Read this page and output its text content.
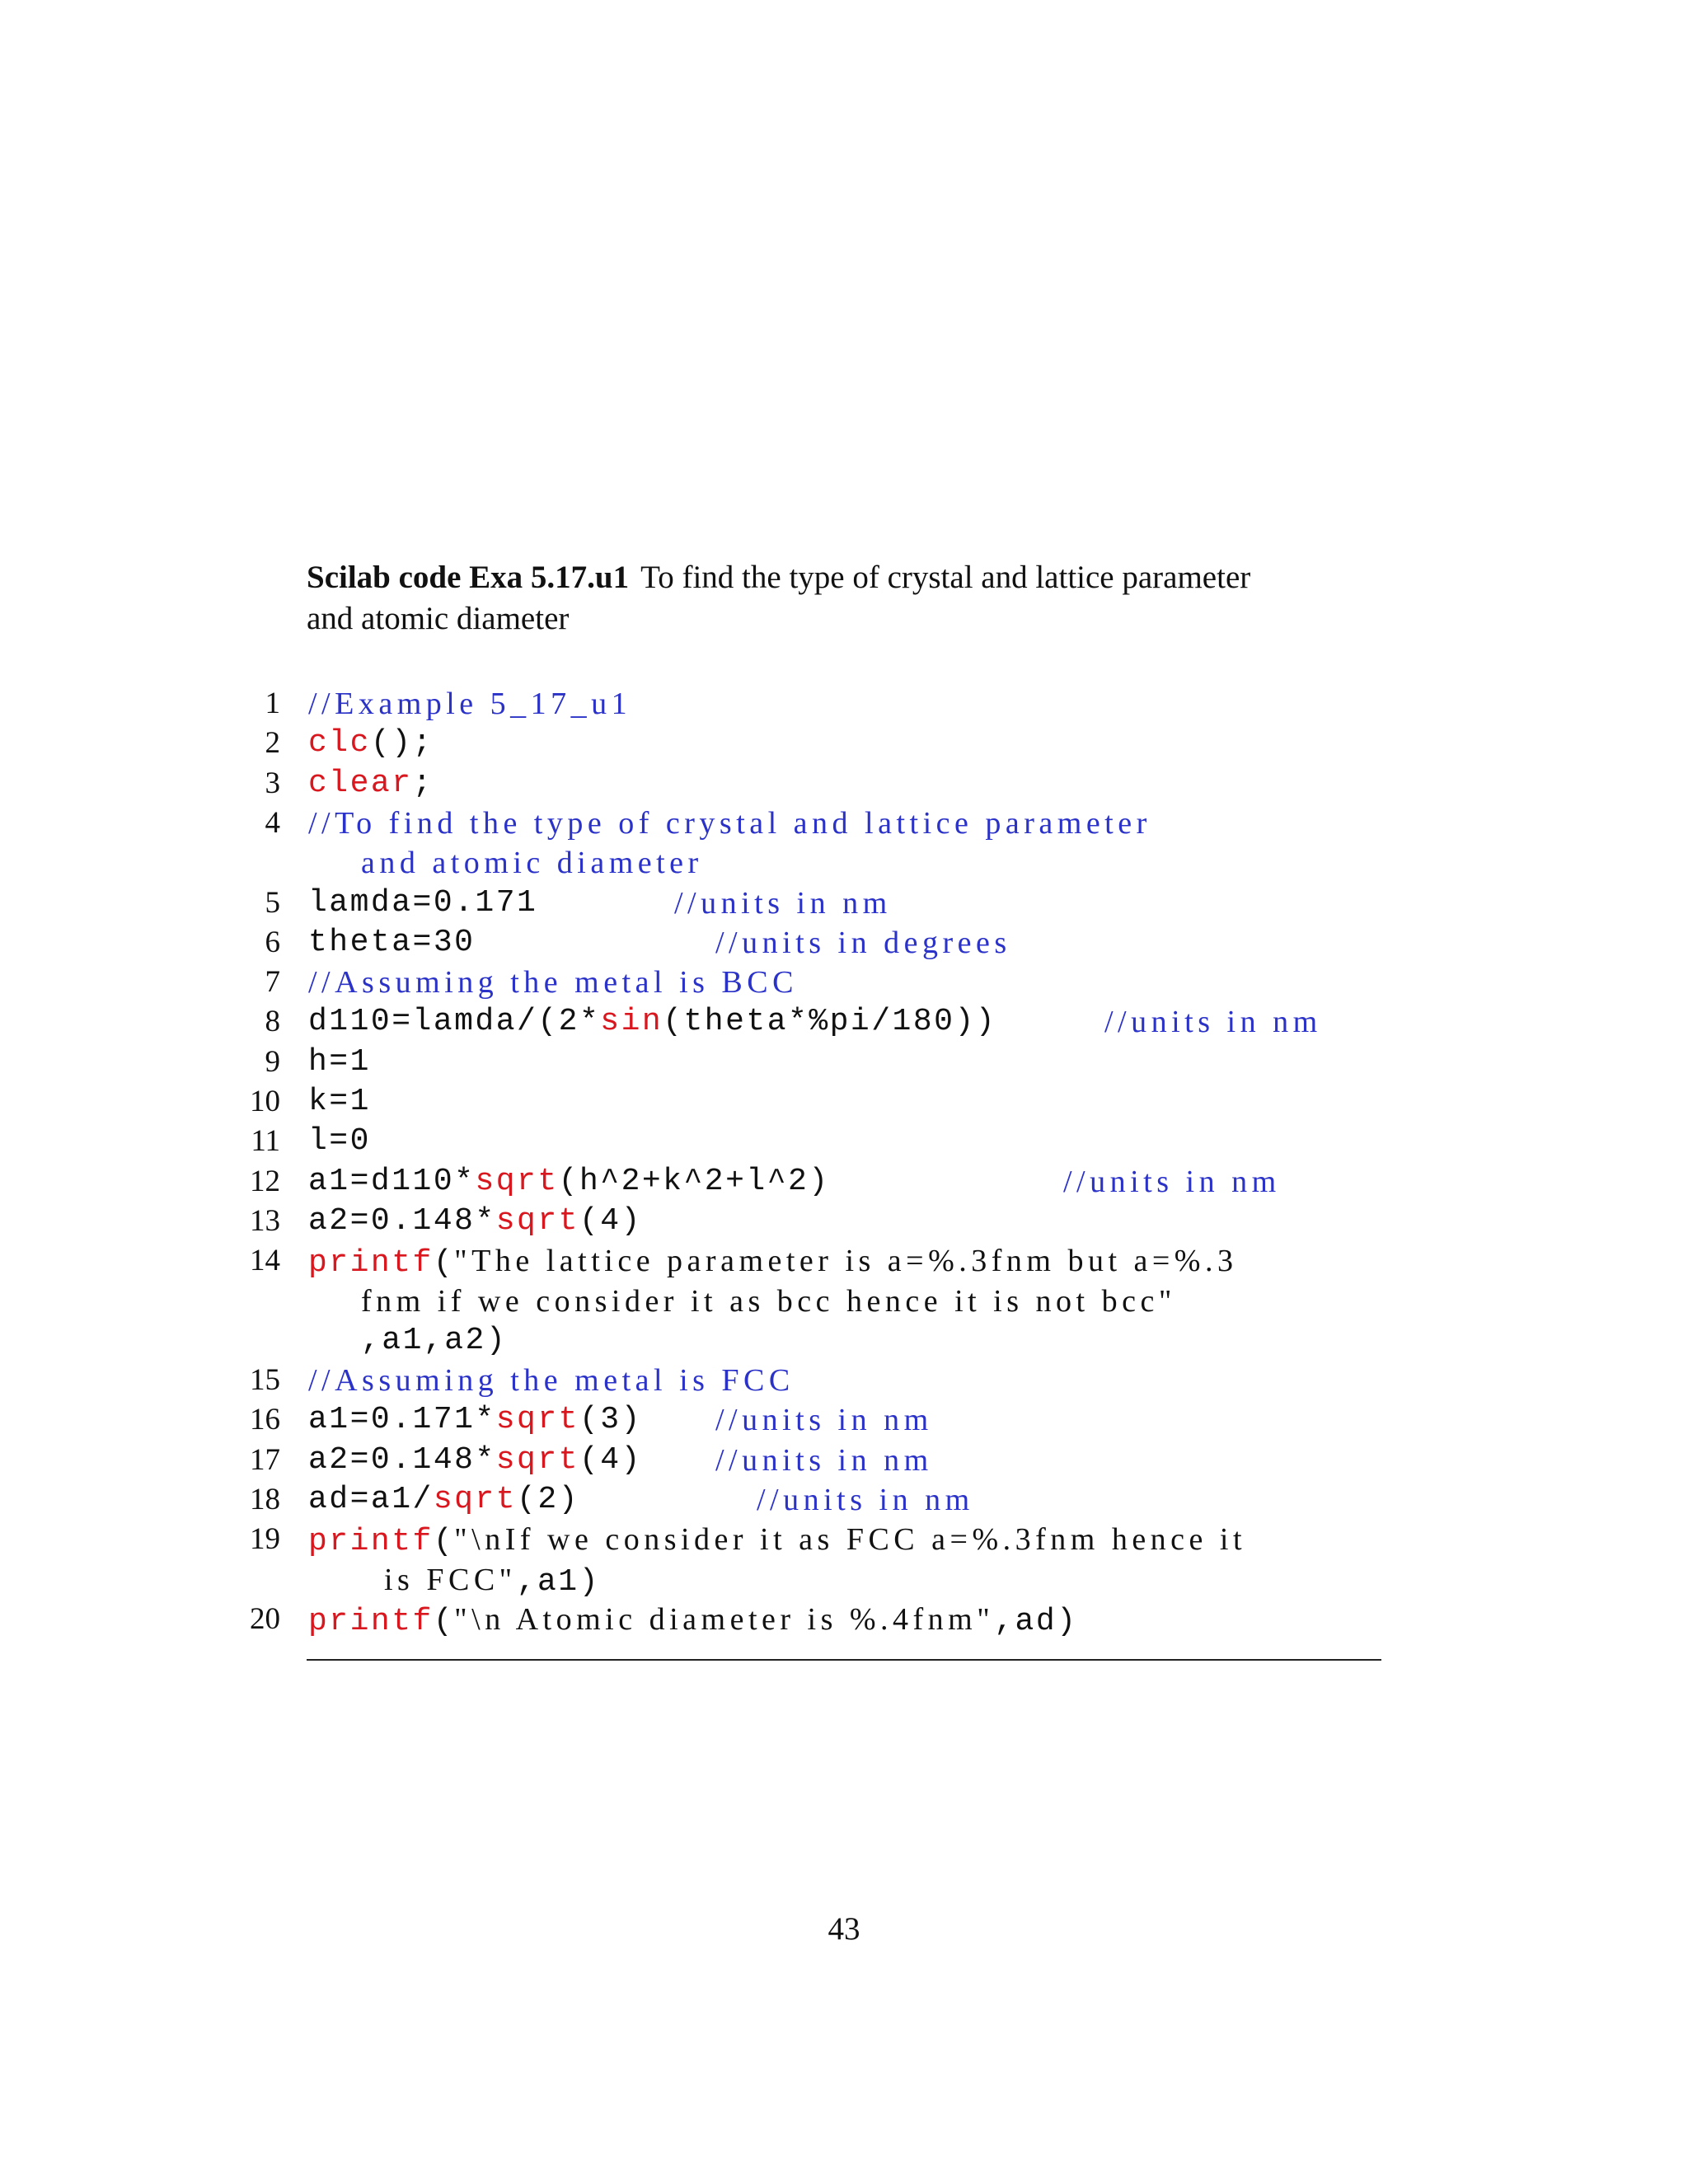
Scilab code Exa 5.17.u1 To find the type of crystal and lattice parameter
and atomic diameter
1 //Example 5_17_u1
2 clc();
3 clear;
4 //To find the type of crystal and lattice parameter
and atomic diameter
5 lamda=0.171	//units in nm
6 theta=30	//units in degrees
7 //Assuming the metal is BCC
8 d110=lamda/(2*sin(theta*%pi/180))	//units in nm
9 h=1
10 k=1
11 l=0
12 a1=d110*sqrt(h^2+k^2+l^2)	//units in nm
13 a2=0.148*sqrt(4)
14 printf("The lattice parameter is a=%.3fnm but a=%.3
fnm if we consider it as bcc hence it is not bcc"
,a1,a2)
15 //Assuming the metal is FCC
16 a1=0.171*sqrt(3) //units in nm
17 a2=0.148*sqrt(4) //units in nm
18 ad=a1/sqrt(2)	//units in nm
19 printf("\nIf we consider it as FCC a=%.3fnm hence it
is FCC",a1)
20 printf("\n Atomic diameter is %.4fnm",ad)
43
